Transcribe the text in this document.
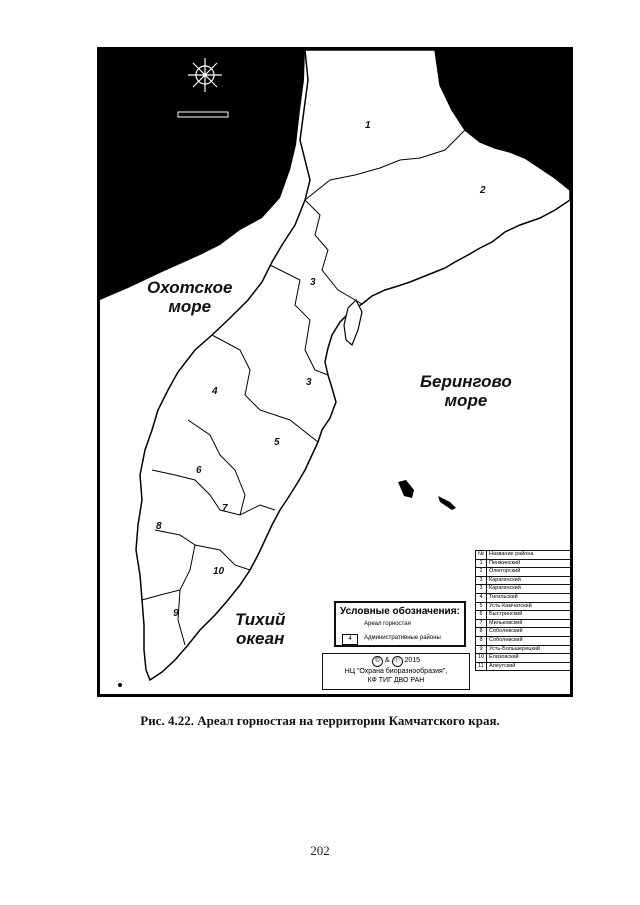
Охотское
море
Берингово
море
Тихий
океан
1
2
3
3
4
5
6
7
8
9
10
Условные обозначения:
Ареал горностая
4	Административные районы
© & Ⓟ 2015
НЦ "Охрана биоразнообразия",
КФ ТИГ ДВО РАН
№	Название района
1	Пенжинский
2	Олюторский
3	Карагинский
3	Карагинский
4	Тигильский
5	Усть-Камчатский
6	Быстринский
7	Мильковский
8	Соболевский
8	Соболевский
9	Усть-Большерецкий
10	Елизовский
11	Алеутский
Рис. 4.22. Ареал горностая на территории Камчатского края.
202
